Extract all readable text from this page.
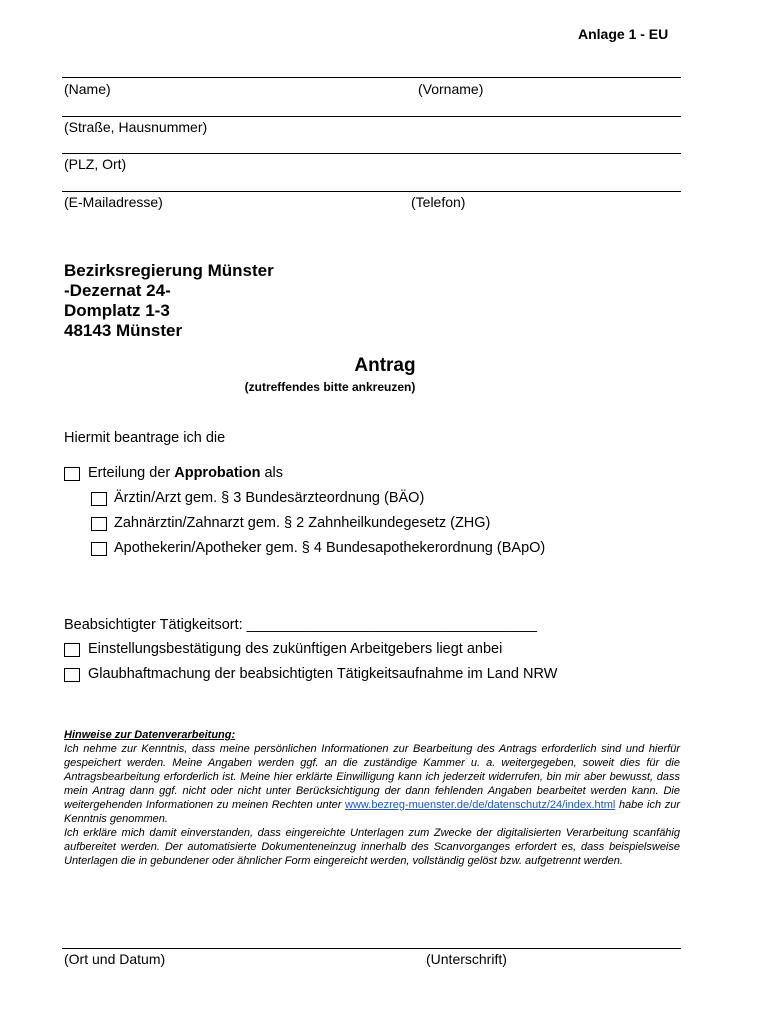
Anlage 1 - EU
(Name)	(Vorname)
(Straße, Hausnummer)
(PLZ, Ort)
(E-Mailadresse)	(Telefon)
Bezirksregierung Münster
-Dezernat 24-
Domplatz 1-3
48143 Münster
Antrag
(zutreffendes bitte ankreuzen)
Hiermit beantrage ich die
Erteilung der Approbation als
Ärztin/Arzt gem. § 3 Bundesärzteordnung (BÄO)
Zahnärztin/Zahnarzt gem. § 2 Zahnheilkundegesetz (ZHG)
Apothekerin/Apotheker gem. § 4 Bundesapothekerordnung (BApO)
Beabsichtigter Tätigkeitsort: ____________________________________
Einstellungsbestätigung des zukünftigen Arbeitgebers liegt anbei
Glaubhaftmachung der beabsichtigten Tätigkeitsaufnahme im Land NRW

Hinweise zur Datenverarbeitung:

Ich nehme zur Kenntnis, dass meine persönlichen Informationen zur Bearbeitung des Antrags erforderlich sind und hierfür gespeichert werden. Meine Angaben werden ggf. an die zuständige Kammer u. a. weitergegeben, soweit dies für die Antragsbearbeitung erforderlich ist. Meine hier erklärte Einwilligung kann ich jederzeit widerrufen, bin mir aber bewusst, dass mein Antrag dann ggf. nicht oder nicht unter Berücksichtigung der dann fehlenden Angaben bearbeitet werden kann. Die weitergehenden Informationen zu meinen Rechten unter www.bezreg-muenster.de/de/datenschutz/24/index.html habe ich zur Kenntnis genommen.

Ich erkläre mich damit einverstanden, dass eingereichte Unterlagen zum Zwecke der digitalisierten Verarbeitung scanfähig aufbereitet werden. Der automatisierte Dokumenteneinzug innerhalb des Scanvorganges erfordert es, dass beispielsweise Unterlagen die in gebundener oder ähnlicher Form eingereicht werden, vollständig gelöst bzw. aufgetrennt werden.

(Ort und Datum)	(Unterschrift)
